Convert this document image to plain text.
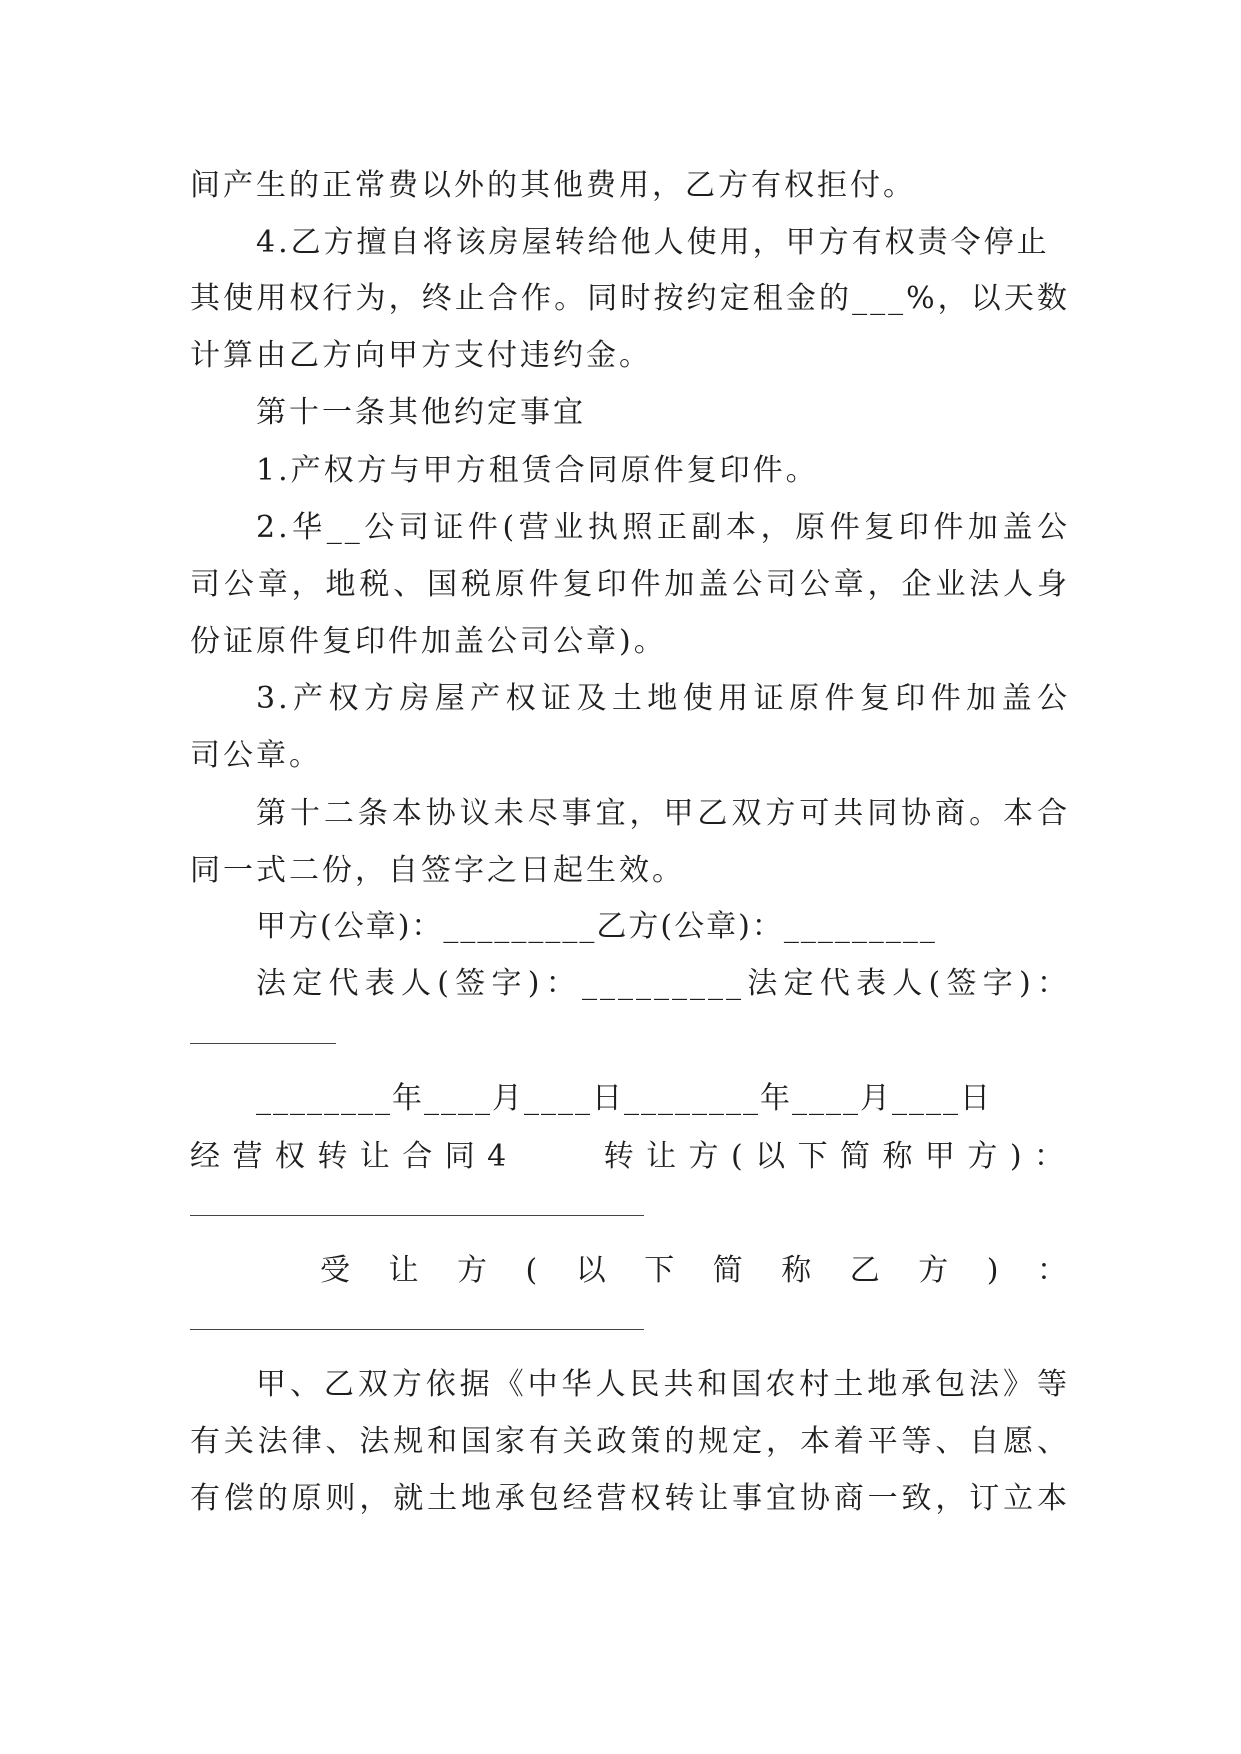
间产生的正常费以外的其他费用，乙方有权拒付。
4.乙方擅自将该房屋转给他人使用，甲方有权责令停止
其使用权行为，终止合作。同时按约定租金的___%，以天数
计算由乙方向甲方支付违约金。
第十一条其他约定事宜
1.产权方与甲方租赁合同原件复印件。
2.华__公司证件(营业执照正副本，原件复印件加盖公
司公章，地税、国税原件复印件加盖公司公章，企业法人身
份证原件复印件加盖公司公章)。
3.产权方房屋产权证及土地使用证原件复印件加盖公
司公章。
第十二条本协议未尽事宜，甲乙双方可共同协商。本合
同一式二份，自签字之日起生效。
甲方(公章)：_________乙方(公章)：_________
法定代表人(签字)：_________法定代表人(签字)：
________年____月____日________年____月____日
经营权转让合同4　　转让方(以下简称甲方)：
受让方(以下简称乙方)：
甲、乙双方依据《中华人民共和国农村土地承包法》等
有关法律、法规和国家有关政策的规定，本着平等、自愿、
有偿的原则，就土地承包经营权转让事宜协商一致，订立本
